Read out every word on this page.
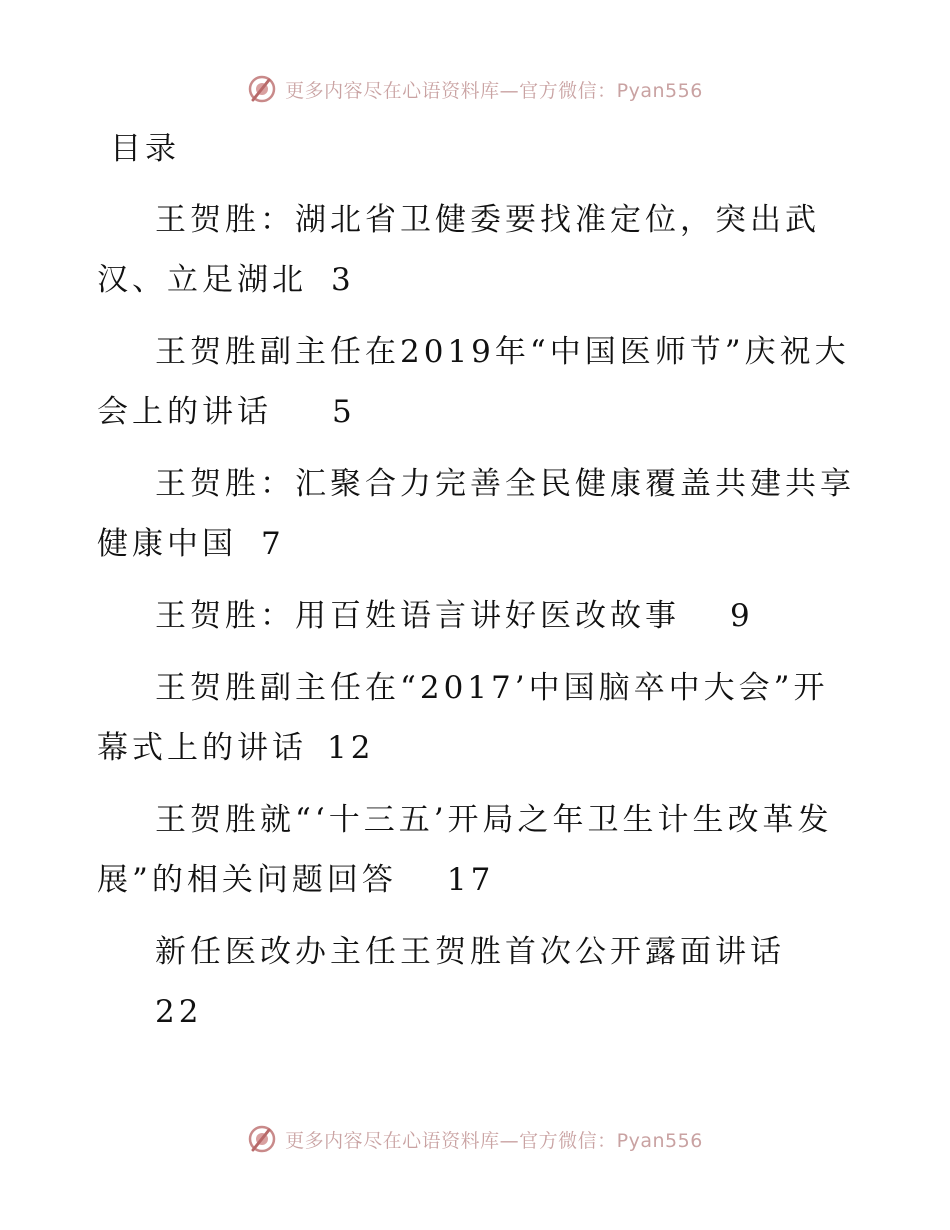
更多内容尽在心语资料库—官方微信：Pyan556
目录
王贺胜：湖北省卫健委要找准定位，突出武汉、立足湖北 3
王贺胜副主任在2019年“中国医师节”庆祝大会上的讲话 5
王贺胜：汇聚合力完善全民健康覆盖共建共享健康中国 7
王贺胜：用百姓语言讲好医改故事 9
王贺胜副主任在“2017’中国脑卒中大会”开幕式上的讲话 12
王贺胜就“‘十三五’开局之年卫生计生改革发展”的相关问题回答 17
新任医改办主任王贺胜首次公开露面讲话
22
更多内容尽在心语资料库—官方微信：Pyan556
